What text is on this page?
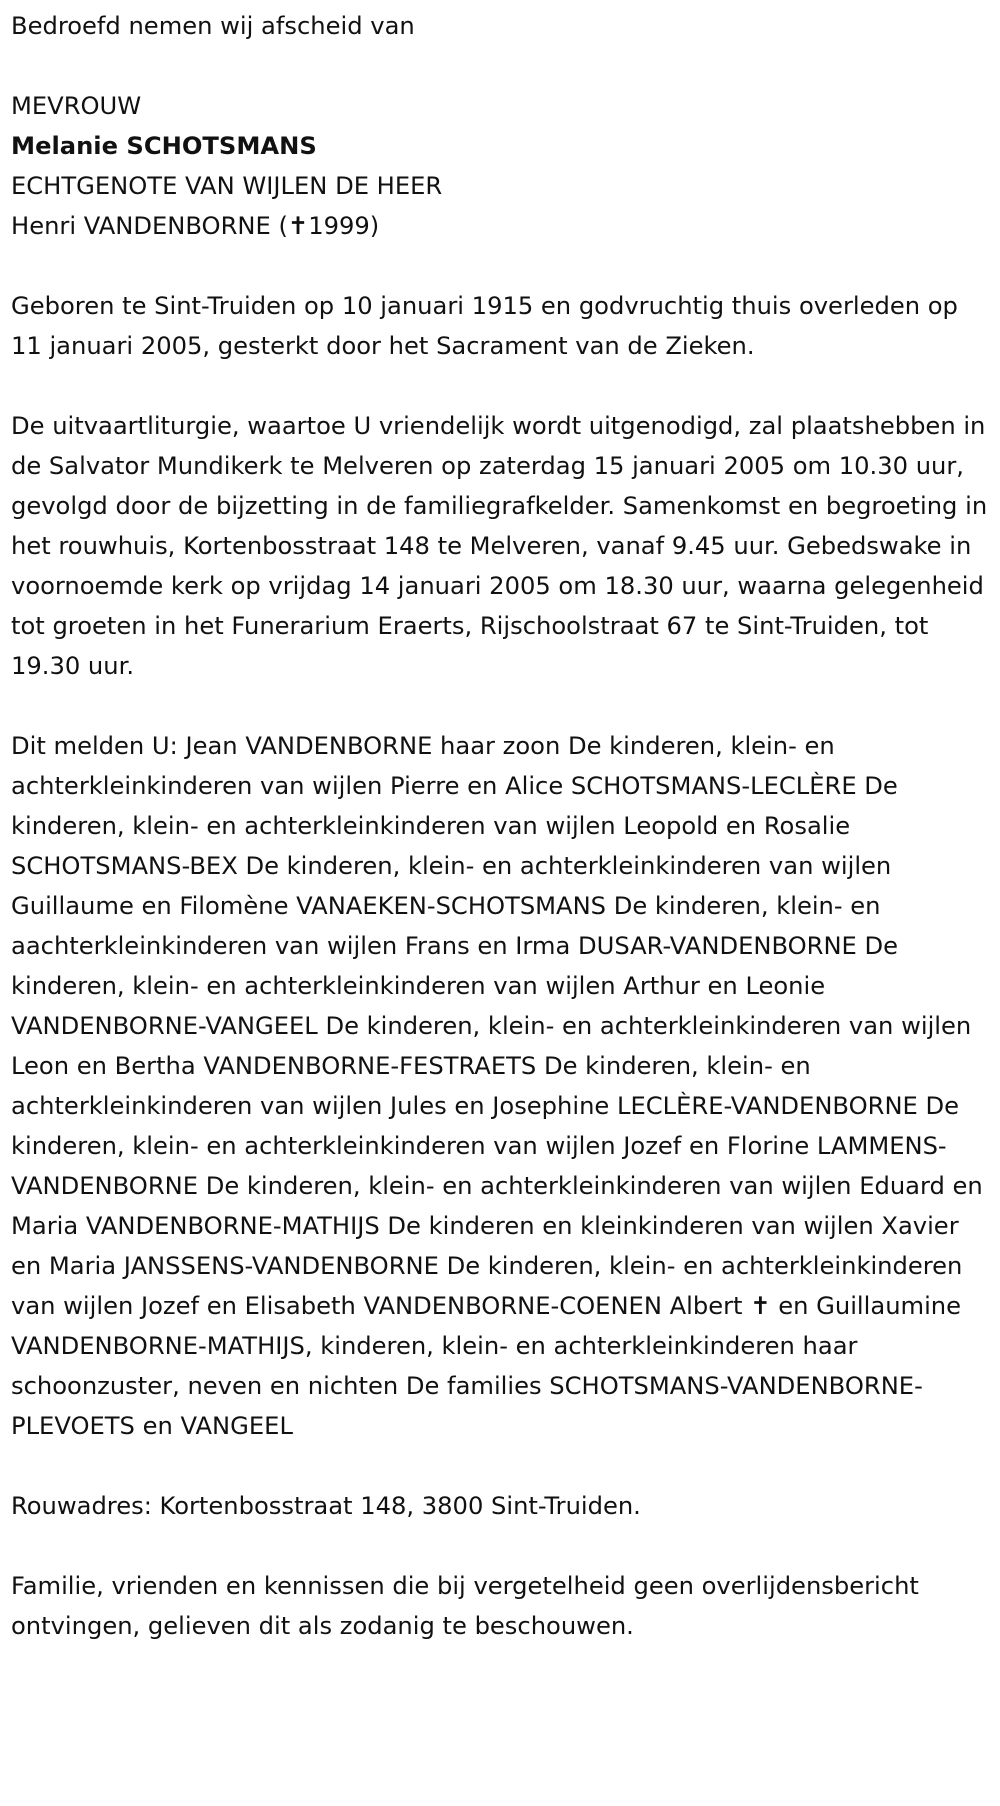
Bedroefd nemen wij afscheid van

MEVROUW

Melanie SCHOTSMANS

ECHTGENOTE VAN WIJLEN DE HEER

Henri VANDENBORNE (✝1999)

Geboren te Sint-Truiden op 10 januari 1915 en godvruchtig thuis overleden op 11 januari 2005, gesterkt door het Sacrament van de Zieken.

De uitvaartliturgie, waartoe U vriendelijk wordt uitgenodigd, zal plaatshebben in de Salvator Mundikerk te Melveren op zaterdag 15 januari 2005 om 10.30 uur, gevolgd door de bijzetting in de familiegrafkelder. Samenkomst en begroeting in het rouwhuis, Kortenbosstraat 148 te Melveren, vanaf 9.45 uur. Gebedswake in voornoemde kerk op vrijdag 14 januari 2005 om 18.30 uur, waarna gelegenheid tot groeten in het Funerarium Eraerts, Rijschoolstraat 67 te Sint-Truiden, tot 19.30 uur.

Dit melden U: Jean VANDENBORNE haar zoon De kinderen, klein- en achterkleinkinderen van wijlen Pierre en Alice SCHOTSMANS-LECLÈRE De kinderen, klein- en achterkleinkinderen van wijlen Leopold en Rosalie SCHOTSMANS-BEX De kinderen, klein- en achterkleinkinderen van wijlen Guillaume en Filomène VANAEKEN-SCHOTSMANS De kinderen, klein- en aachterkleinkinderen van wijlen Frans en Irma DUSAR-VANDENBORNE De kinderen, klein- en achterkleinkinderen van wijlen Arthur en Leonie VANDENBORNE-VANGEEL De kinderen, klein- en achterkleinkinderen van wijlen Leon en Bertha VANDENBORNE-FESTRAETS De kinderen, klein- en achterkleinkinderen van wijlen Jules en Josephine LECLÈRE-VANDENBORNE De kinderen, klein- en achterkleinkinderen van wijlen Jozef en Florine LAMMENS-VANDENBORNE De kinderen, klein- en achterkleinkinderen van wijlen Eduard en Maria VANDENBORNE-MATHIJS De kinderen en kleinkinderen van wijlen Xavier en Maria JANSSENS-VANDENBORNE De kinderen, klein- en achterkleinkinderen van wijlen Jozef en Elisabeth VANDENBORNE-COENEN Albert ✝ en Guillaumine VANDENBORNE-MATHIJS, kinderen, klein- en achterkleinkinderen haar schoonzuster, neven en nichten De families SCHOTSMANS-VANDENBORNE-PLEVOETS en VANGEEL

Rouwadres: Kortenbosstraat 148, 3800 Sint-Truiden.

Familie, vrienden en kennissen die bij vergetelheid geen overlijdensbericht ontvingen, gelieven dit als zodanig te beschouwen.
